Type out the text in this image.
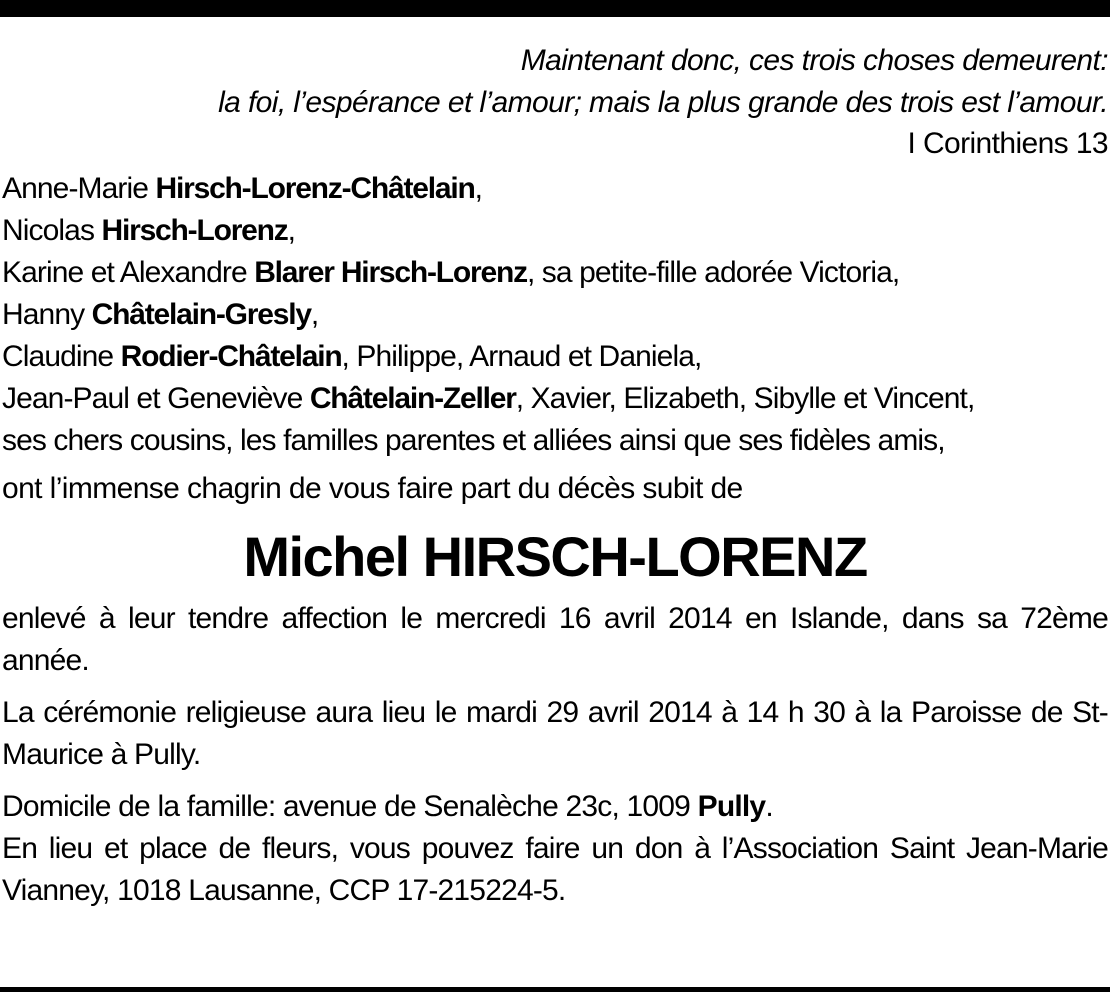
Maintenant donc, ces trois choses demeurent:
la foi, l’espérance et l’amour; mais la plus grande des trois est l’amour.
I Corinthiens 13
Anne-Marie Hirsch-Lorenz-Châtelain,
Nicolas Hirsch-Lorenz,
Karine et Alexandre Blarer Hirsch-Lorenz, sa petite-fille adorée Victoria,
Hanny Châtelain-Gresly,
Claudine Rodier-Châtelain, Philippe, Arnaud et Daniela,
Jean-Paul et Geneviève Châtelain-Zeller, Xavier, Elizabeth, Sibylle et Vincent,
ses chers cousins, les familles parentes et alliées ainsi que ses fidèles amis,
ont l’immense chagrin de vous faire part du décès subit de
Michel HIRSCH-LORENZ
enlevé à leur tendre affection le mercredi 16 avril 2014 en Islande, dans sa 72ème année.
La cérémonie religieuse aura lieu le mardi 29 avril 2014 à 14 h 30 à la Paroisse de St-Maurice à Pully.
Domicile de la famille: avenue de Senalèche 23c, 1009 Pully.
En lieu et place de fleurs, vous pouvez faire un don à l’Association Saint Jean-Marie Vianney, 1018 Lausanne, CCP 17-215224-5.
